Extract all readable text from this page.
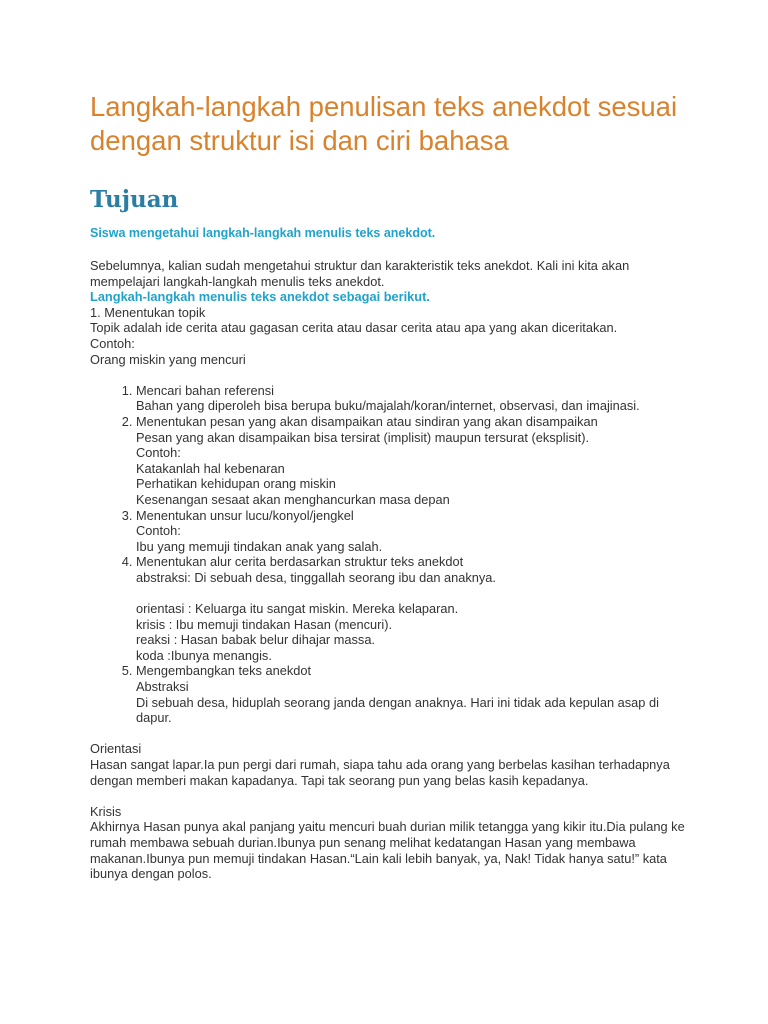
Langkah-langkah penulisan teks anekdot sesuai dengan struktur isi dan ciri bahasa
Tujuan
Siswa mengetahui langkah-langkah menulis teks anekdot.

Sebelumnya, kalian sudah mengetahui struktur dan karakteristik teks anekdot. Kali ini kita akan mempelajari langkah-langkah menulis teks anekdot.

Langkah-langkah menulis teks anekdot sebagai berikut.

1. Menentukan topik

Topik adalah ide cerita atau gagasan cerita atau dasar cerita atau apa yang akan diceritakan.

Contoh:

Orang miskin yang mencuri

1. Mencari bahan referensi
Bahan yang diperoleh bisa berupa buku/majalah/koran/internet, observasi, dan imajinasi.
2. Menentukan pesan yang akan disampaikan atau sindiran yang akan disampaikan
Pesan yang akan disampaikan bisa tersirat (implisit) maupun tersurat (eksplisit).
Contoh:
Katakanlah hal kebenaran
Perhatikan kehidupan orang miskin
Kesenangan sesaat akan menghancurkan masa depan
3. Menentukan unsur lucu/konyol/jengkel
Contoh:
Ibu yang memuji tindakan anak yang salah.
4. Menentukan alur cerita berdasarkan struktur teks anekdot
abstraksi: Di sebuah desa, tinggallah seorang ibu dan anaknya.
orientasi : Keluarga itu sangat miskin. Mereka kelaparan.
krisis : Ibu memuji tindakan Hasan (mencuri).
reaksi : Hasan babak belur dihajar massa.
koda :Ibunya menangis.
5. Mengembangkan teks anekdot
Abstraksi
Di sebuah desa, hiduplah seorang janda dengan anaknya. Hari ini tidak ada kepulan asap di dapur.

Orientasi

Hasan sangat lapar.Ia pun pergi dari rumah, siapa tahu ada orang yang berbelas kasihan terhadapnya dengan memberi makan kapadanya. Tapi tak seorang pun yang belas kasih kepadanya.

Krisis

Akhirnya Hasan punya akal panjang yaitu mencuri buah durian milik tetangga yang kikir itu.Dia pulang ke rumah membawa sebuah durian.Ibunya pun senang melihat kedatangan Hasan yang membawa makanan.Ibunya pun memuji tindakan Hasan.“Lain kali lebih banyak, ya, Nak! Tidak hanya satu!” kata ibunya dengan polos.
